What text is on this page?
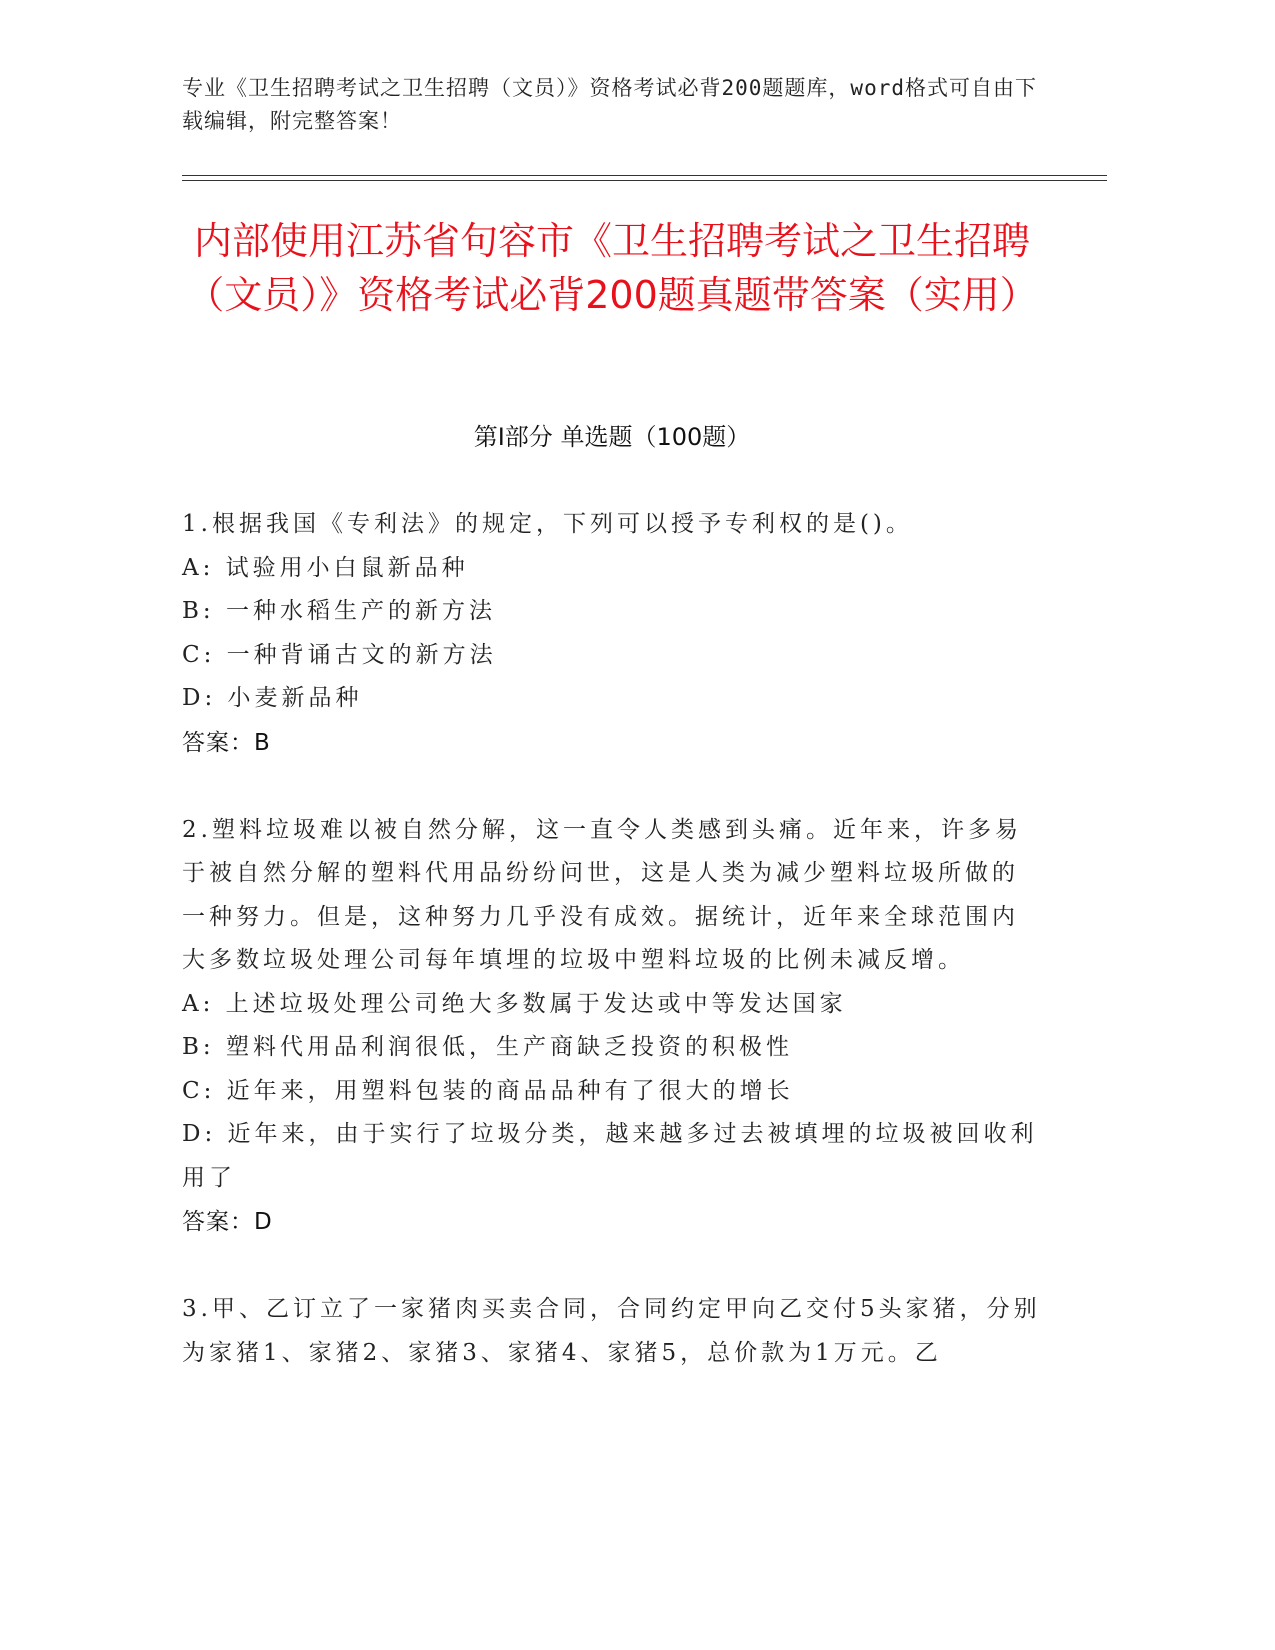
专业《卫生招聘考试之卫生招聘（文员）》资格考试必背200题题库，word格式可自由下载编辑，附完整答案！
内部使用江苏省句容市《卫生招聘考试之卫生招聘（文员）》资格考试必背200题真题带答案（实用）
第Ⅰ部分 单选题（100题）
1.根据我国《专利法》的规定，下列可以授予专利权的是()。
A: 试验用小白鼠新品种
B: 一种水稻生产的新方法
C: 一种背诵古文的新方法
D: 小麦新品种
答案：B
2.塑料垃圾难以被自然分解，这一直令人类感到头痛。近年来，许多易于被自然分解的塑料代用品纷纷问世，这是人类为减少塑料垃圾所做的一种努力。但是，这种努力几乎没有成效。据统计，近年来全球范围内大多数垃圾处理公司每年填埋的垃圾中塑料垃圾的比例未减反增。
A: 上述垃圾处理公司绝大多数属于发达或中等发达国家
B: 塑料代用品利润很低，生产商缺乏投资的积极性
C: 近年来，用塑料包装的商品品种有了很大的增长
D: 近年来，由于实行了垃圾分类，越来越多过去被填埋的垃圾被回收利用了
答案：D
3.甲、乙订立了一家猪肉买卖合同，合同约定甲向乙交付5头家猪，分别为家猪1、家猪2、家猪3、家猪4、家猪5，总价款为1万元。乙
